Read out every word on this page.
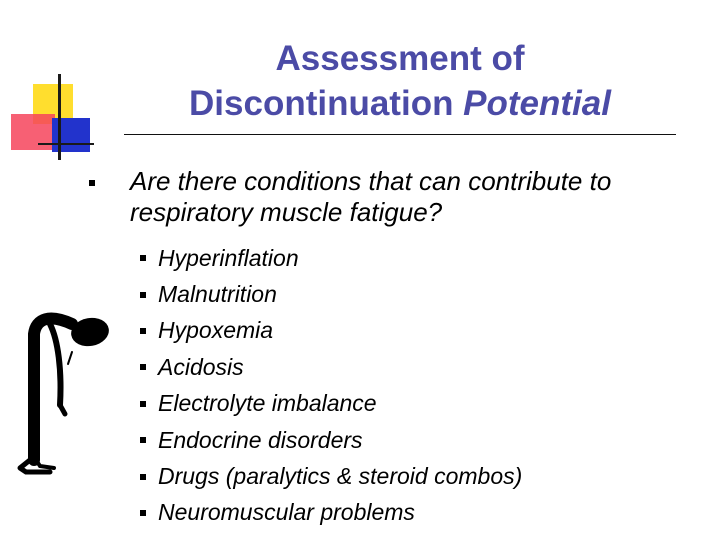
Assessment of
Discontinuation Potential
Are there conditions that can contribute to respiratory muscle fatigue?
Hyperinflation
Malnutrition
Hypoxemia
Acidosis
Electrolyte imbalance
Endocrine disorders
Drugs (paralytics & steroid combos)
Neuromuscular problems
